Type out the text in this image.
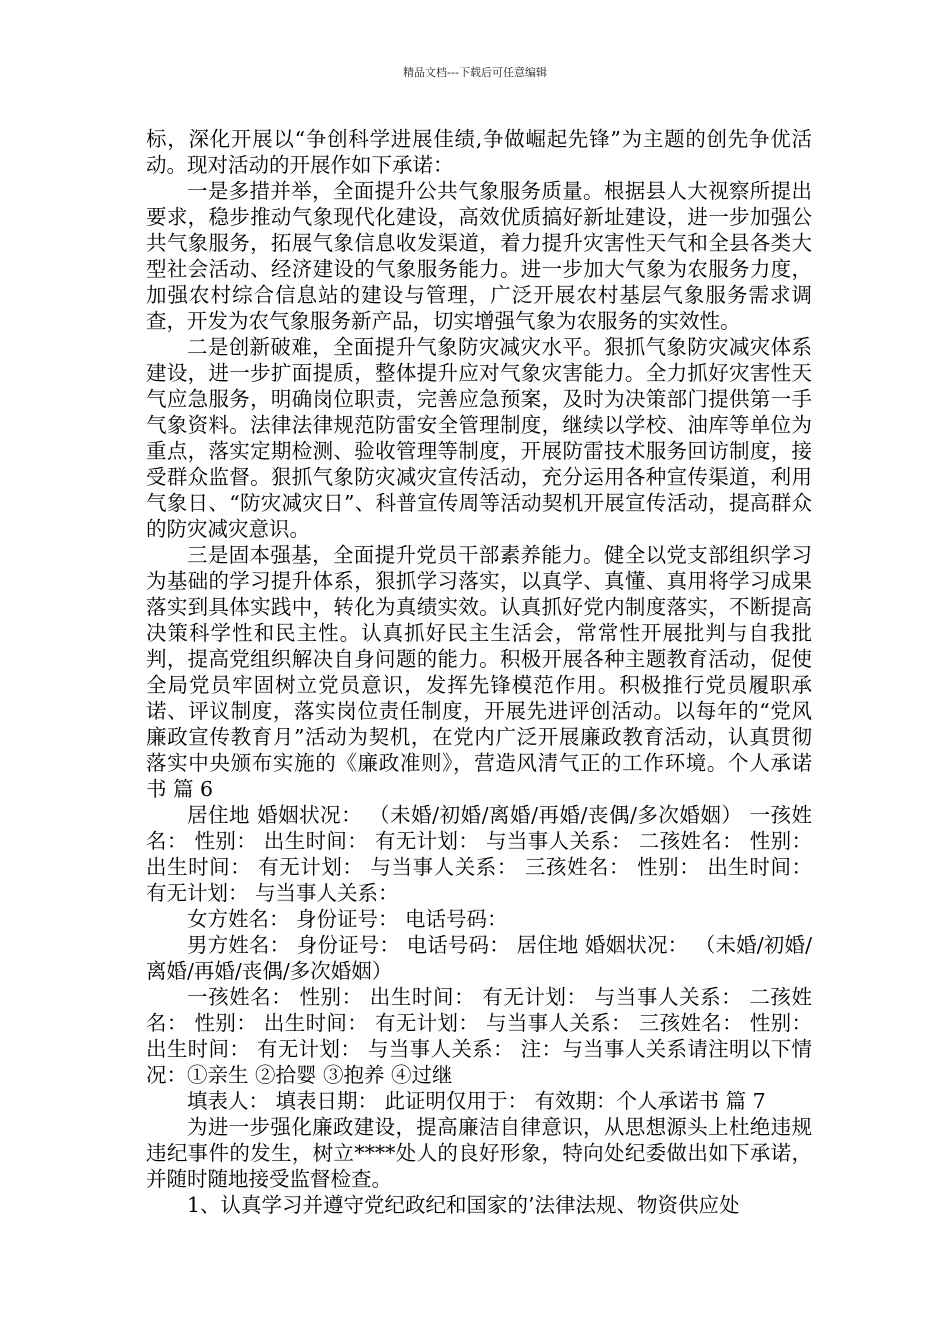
精品文档---下载后可任意编辑

标，深化开展以“争创科学进展佳绩,争做崛起先锋”为主题的创先争优活动。现对活动的开展作如下承诺：

一是多措并举，全面提升公共气象服务质量。根据县人大视察所提出要求，稳步推动气象现代化建设，高效优质搞好新址建设，进一步加强公共气象服务，拓展气象信息收发渠道，着力提升灾害性天气和全县各类大型社会活动、经济建设的气象服务能力。进一步加大气象为农服务力度，加强农村综合信息站的建设与管理，广泛开展农村基层气象服务需求调查，开发为农气象服务新产品，切实增强气象为农服务的实效性。

二是创新破难，全面提升气象防灾减灾水平。狠抓气象防灾减灾体系建设，进一步扩面提质，整体提升应对气象灾害能力。全力抓好灾害性天气应急服务，明确岗位职责，完善应急预案，及时为决策部门提供第一手气象资料。法律法律规范防雷安全管理制度，继续以学校、油库等单位为重点，落实定期检测、验收管理等制度，开展防雷技术服务回访制度，接受群众监督。狠抓气象防灾减灾宣传活动，充分运用各种宣传渠道，利用气象日、“防灾减灾日”、科普宣传周等活动契机开展宣传活动，提高群众的防灾减灾意识。

三是固本强基，全面提升党员干部素养能力。健全以党支部组织学习为基础的学习提升体系，狠抓学习落实，以真学、真懂、真用将学习成果落实到具体实践中，转化为真绩实效。认真抓好党内制度落实，不断提高决策科学性和民主性。认真抓好民主生活会，常常性开展批判与自我批判，提高党组织解决自身问题的能力。积极开展各种主题教育活动，促使全局党员牢固树立党员意识，发挥先锋模范作用。积极推行党员履职承诺、评议制度，落实岗位责任制度，开展先进评创活动。以每年的“党风廉政宣传教育月”活动为契机，在党内广泛开展廉政教育活动，认真贯彻落实中央颁布实施的《廉政准则》，营造风清气正的工作环境。个人承诺书 篇 6

居住地 婚姻状况： （未婚/初婚/离婚/再婚/丧偶/多次婚姻） 一孩姓名： 性别： 出生时间： 有无计划： 与当事人关系： 二孩姓名： 性别： 出生时间： 有无计划： 与当事人关系： 三孩姓名： 性别： 出生时间： 有无计划： 与当事人关系：

女方姓名： 身份证号： 电话号码：

男方姓名： 身份证号： 电话号码： 居住地 婚姻状况： （未婚/初婚/离婚/再婚/丧偶/多次婚姻）

一孩姓名： 性别： 出生时间： 有无计划： 与当事人关系： 二孩姓名： 性别： 出生时间： 有无计划： 与当事人关系： 三孩姓名： 性别： 出生时间： 有无计划： 与当事人关系： 注：与当事人关系请注明以下情况：①亲生 ②拾婴 ③抱养 ④过继

填表人： 填表日期： 此证明仅用于： 有效期：个人承诺书 篇 7

为进一步强化廉政建设，提高廉洁自律意识，从思想源头上杜绝违规违纪事件的发生，树立****处人的良好形象，特向处纪委做出如下承诺，并随时随地接受监督检查。

1、认真学习并遵守党纪政纪和国家的’法律法规、物资供应处
